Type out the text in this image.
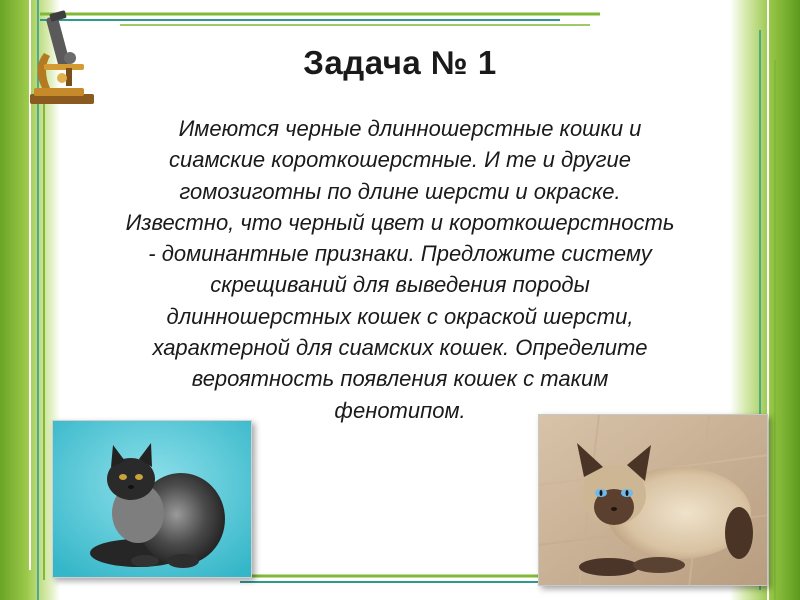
Задача № 1
Имеются черные длинношерстные кошки и
сиамские короткошерстные. И те и другие
гомозиготны по длине шерсти и окраске.
Известно, что черный цвет и короткошерстность
- доминантные признаки. Предложите систему
скрещиваний для выведения породы
длинношерстных кошек с окраской шерсти,
характерной для сиамских кошек. Определите
вероятность появления кошек с таким
фенотипом.
